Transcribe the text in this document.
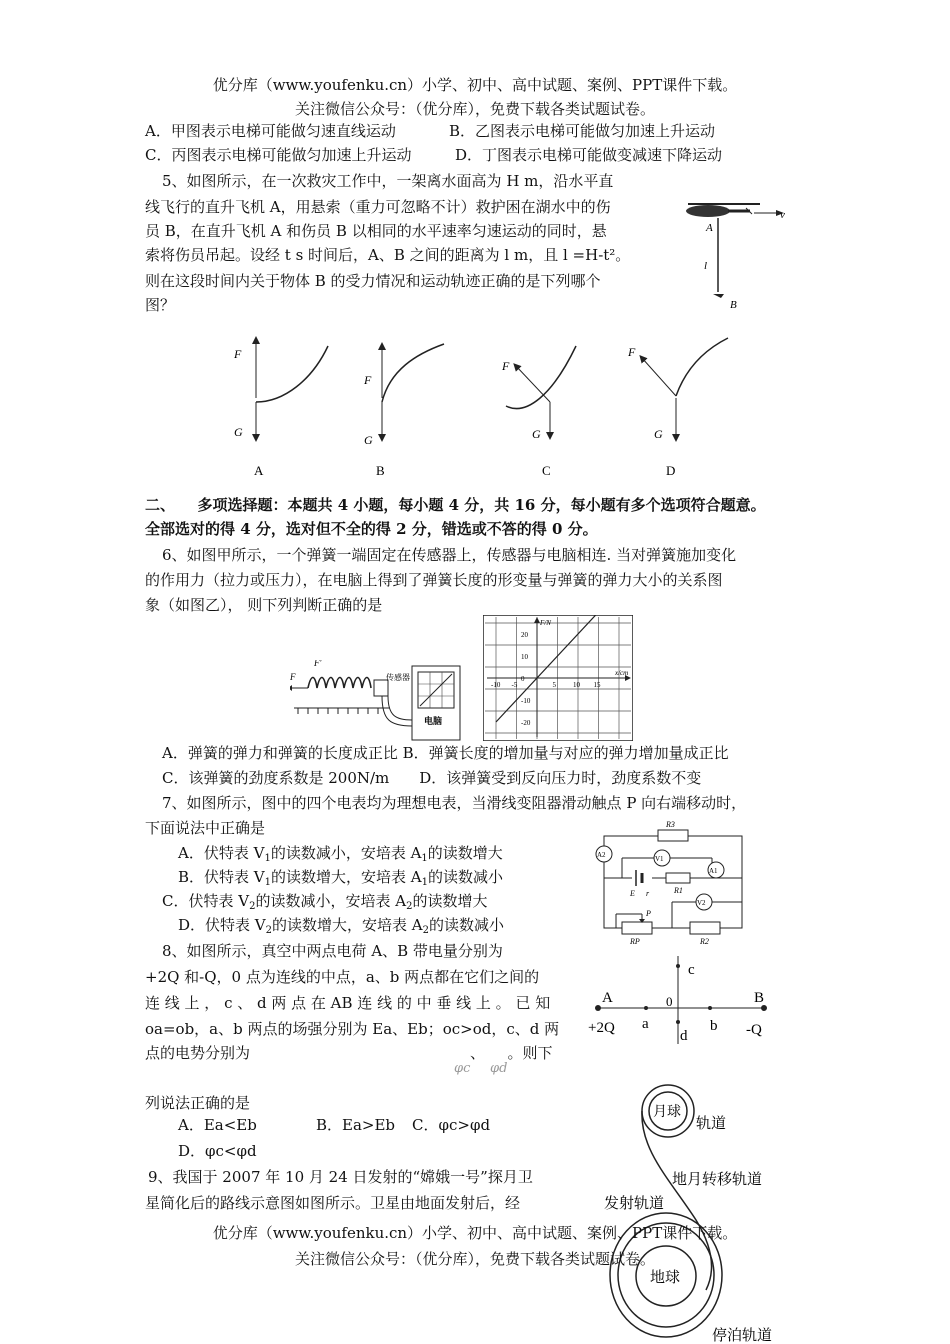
优分库（www.youfenku.cn）小学、初中、高中试题、案例、PPT课件下载。
关注微信公众号：（优分库），免费下载各类试题试卷。
A．甲图表示电梯可能做匀速直线运动	B．乙图表示电梯可能做匀加速上升运动
C．丙图表示电梯可能做匀加速上升运动	D．丁图表示电梯可能做变减速下降运动
5、如图所示，在一次救灾工作中，一架离水面高为 H m，沿水平直
线飞行的直升飞机 A，用悬索（重力可忽略不计）救护困在湖水中的伤
员 B，在直升飞机 A 和伤员 B 以相同的水平速率匀速运动的同时，悬
索将伤员吊起。设经 t s 时间后，A、B 之间的距离为 l m，且 l =H-t²。
则在这段时间内关于物体 B 的受力情况和运动轨迹正确的是下列哪个
图？
v
A
l
B
F
G
A
F
G
B
F
G
C
F
G
D
二、　　多项选择题：本题共 4 小题，每小题 4 分，共 16 分，每小题有多个选项符合题意。
全部选对的得 4 分，选对但不全的得 2 分，错选或不答的得 0 分。
6、如图甲所示，一个弹簧一端固定在传感器上，传感器与电脑相连. 当对弹簧施加变化
的作用力（拉力或压力），在电脑上得到了弹簧长度的形变量与弹簧的弹力大小的关系图
象（如图乙）， 则下列判断正确的是
F
F'
传感器
电脑
F/N
x/cm
20
10
0
-10
-20
-10 -5	5 10 15
A．弹簧的弹力和弹簧的长度成正比 B．弹簧长度的增加量与对应的弹力增加量成正比
C．该弹簧的劲度系数是 200N/m　　D．该弹簧受到反向压力时，劲度系数不变
7、如图所示，图中的四个电表均为理想电表，当滑线变阻器滑动触点 P 向右端移动时，
下面说法中正确是
A．伏特表 $V_1$的读数减小，安培表 $A_1$的读数增大
B．伏特表 $V_1$的读数增大，安培表 $A_1$的读数减小
C．伏特表 $V_2$的读数减小，安培表 $A_2$的读数增大
D．伏特表 $V_2$的读数增大，安培表 $A_2$的读数减小
R3
A2	V1
A1
E r	R1
V2
P
RP	R2
8、如图所示，真空中两点电荷 A、B 带电量分别为
+2Q 和-Q，0 点为连线的中点，a、b 两点都在它们之间的
连 线 上 ， c 、 d 两 点 在 AB 连 线 的 中 垂 线 上 。 已 知
oa=ob，a、b 两点的场强分别为 Ea、Eb；oc>od，c、d 两
点的电势分别为	、　　。则下
φc φd
列说法正确的是
A．Ea<Eb	B．Ea>Eb C．φc>φd
D．φc<φd
A	B
c
0
a	b
d
+2Q	-Q
9、我国于 2007 年 10 月 24 日发射的“嫦娥一号”探月卫
星简化后的路线示意图如图所示。卫星由地面发射后，经
月球
轨道
地月转移轨道
发射轨道
地球
停泊轨道
优分库（www.youfenku.cn）小学、初中、高中试题、案例、PPT课件下载。
关注微信公众号：（优分库），免费下载各类试题试卷。
